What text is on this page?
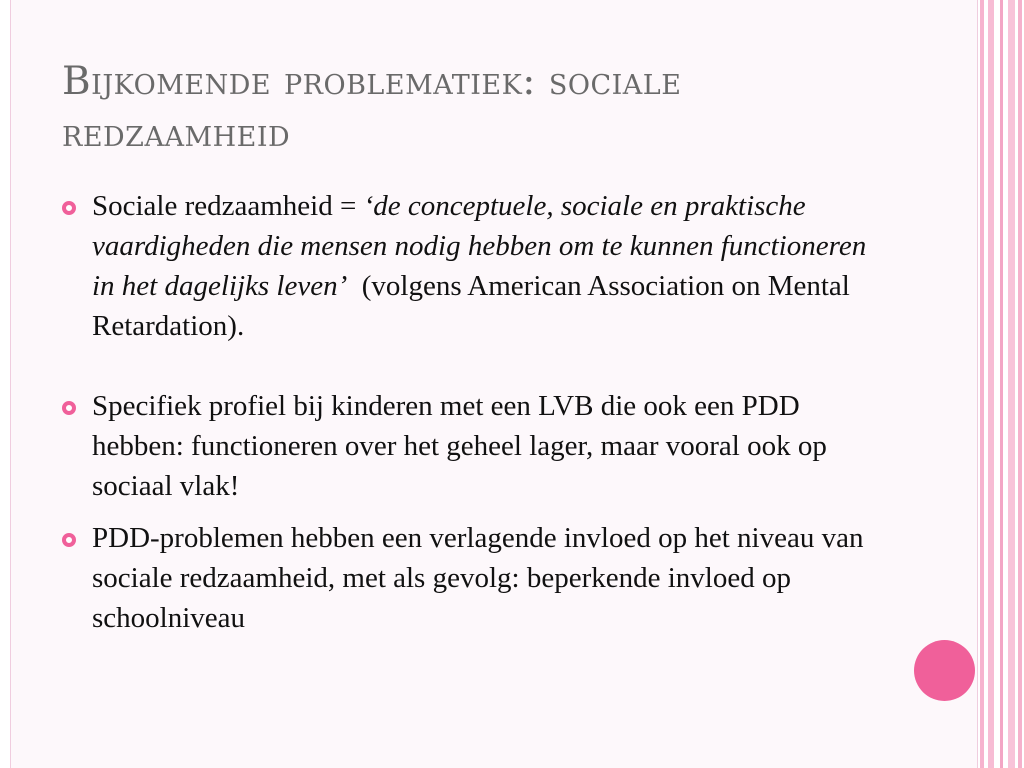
Bijkomende problematiek: sociale redzaamheid
Sociale redzaamheid = ‘de conceptuele, sociale en praktische vaardigheden die mensen nodig hebben om te kunnen functioneren in het dagelijks leven’  (volgens American Association on Mental Retardation).
Specifiek profiel bij kinderen met een LVB die ook een PDD hebben: functioneren over het geheel lager, maar vooral ook op sociaal vlak!
PDD-problemen hebben een verlagende invloed op het niveau van sociale redzaamheid, met als gevolg: beperkende invloed op schoolniveau
